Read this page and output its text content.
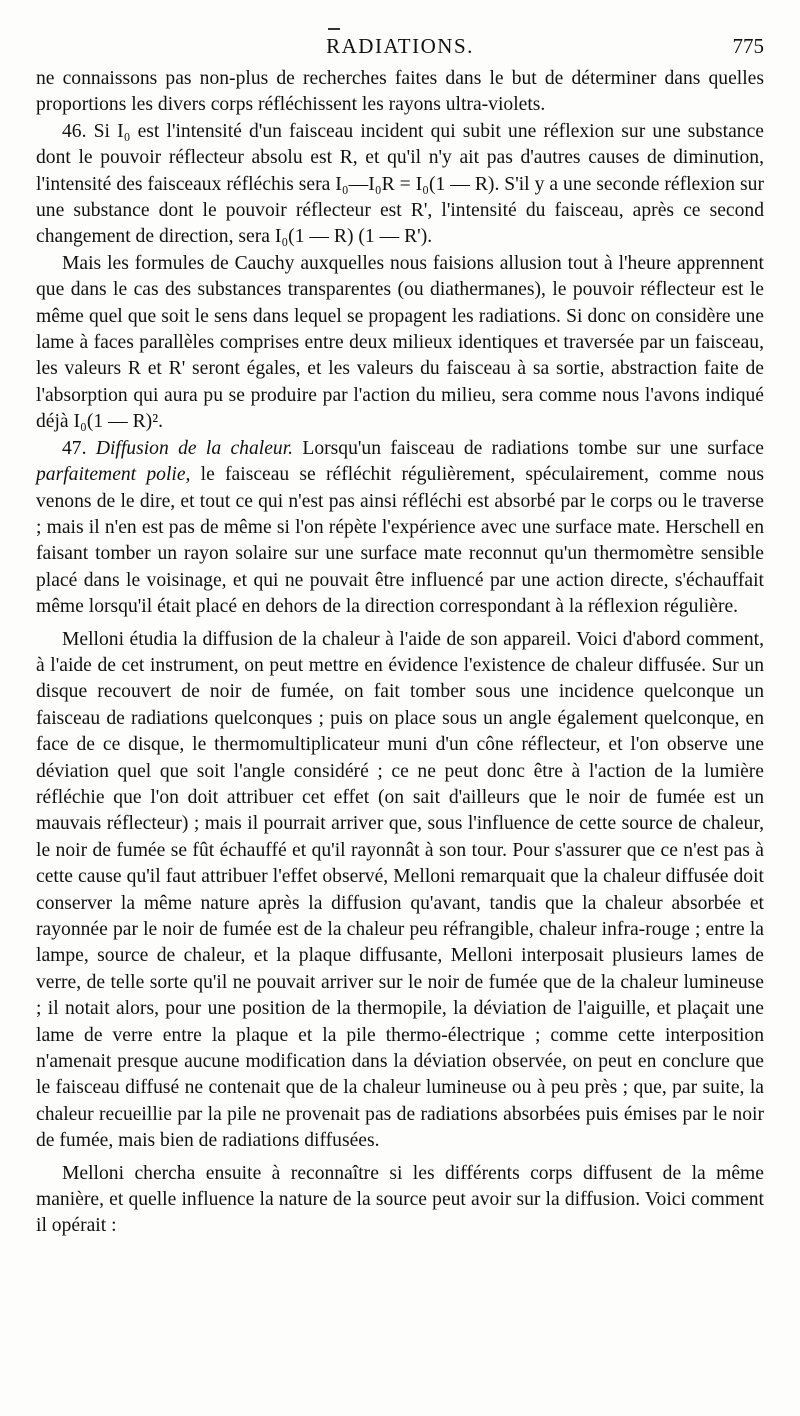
RADIATIONS.	775

ne connaissons pas non-plus de recherches faites dans le but de déterminer dans quelles proportions les divers corps réfléchissent les rayons ultra-violets.

46. Si I₀ est l'intensité d'un faisceau incident qui subit une réflexion sur une substance dont le pouvoir réflecteur absolu est R, et qu'il n'y ait pas d'autres causes de diminution, l'intensité des faisceaux réfléchis sera I₀—I₀R = I₀(1 — R). S'il y a une seconde réflexion sur une substance dont le pouvoir réflecteur est R', l'intensité du faisceau, après ce second changement de direction, sera I₀(1 — R) (1 — R').

Mais les formules de Cauchy auxquelles nous faisions allusion tout à l'heure apprennent que dans le cas des substances transparentes (ou diathermanes), le pouvoir réflecteur est le même quel que soit le sens dans lequel se propagent les radiations. Si donc on considère une lame à faces parallèles comprises entre deux milieux identiques et traversée par un faisceau, les valeurs R et R' seront égales, et les valeurs du faisceau à sa sortie, abstraction faite de l'absorption qui aura pu se produire par l'action du milieu, sera comme nous l'avons indiqué déjà I₀(1 — R)².

47. Diffusion de la chaleur. Lorsqu'un faisceau de radiations tombe sur une surface parfaitement polie, le faisceau se réfléchit régulièrement, spéculairement, comme nous venons de le dire, et tout ce qui n'est pas ainsi réfléchi est absorbé par le corps ou le traverse ; mais il n'en est pas de même si l'on répète l'expérience avec une surface mate. Herschell en faisant tomber un rayon solaire sur une surface mate reconnut qu'un thermomètre sensible placé dans le voisinage, et qui ne pouvait être influencé par une action directe, s'échauffait même lorsqu'il était placé en dehors de la direction correspondant à la réflexion régulière.

Melloni étudia la diffusion de la chaleur à l'aide de son appareil. Voici d'abord comment, à l'aide de cet instrument, on peut mettre en évidence l'existence de chaleur diffusée. Sur un disque recouvert de noir de fumée, on fait tomber sous une incidence quelconque un faisceau de radiations quelconques ; puis on place sous un angle également quelconque, en face de ce disque, le thermomultiplicateur muni d'un cône réflecteur, et l'on observe une déviation quel que soit l'angle considéré ; ce ne peut donc être à l'action de la lumière réfléchie que l'on doit attribuer cet effet (on sait d'ailleurs que le noir de fumée est un mauvais réflecteur) ; mais il pourrait arriver que, sous l'influence de cette source de chaleur, le noir de fumée se fût échauffé et qu'il rayonnât à son tour. Pour s'assurer que ce n'est pas à cette cause qu'il faut attribuer l'effet observé, Melloni remarquait que la chaleur diffusée doit conserver la même nature après la diffusion qu'avant, tandis que la chaleur absorbée et rayonnée par le noir de fumée est de la chaleur peu réfrangible, chaleur infra-rouge ; entre la lampe, source de chaleur, et la plaque diffusante, Melloni interposait plusieurs lames de verre, de telle sorte qu'il ne pouvait arriver sur le noir de fumée que de la chaleur lumineuse ; il notait alors, pour une position de la thermopile, la déviation de l'aiguille, et plaçait une lame de verre entre la plaque et la pile thermo-électrique ; comme cette interposition n'amenait presque aucune modification dans la déviation observée, on peut en conclure que le faisceau diffusé ne contenait que de la chaleur lumineuse ou à peu près ; que, par suite, la chaleur recueillie par la pile ne provenait pas de radiations absorbées puis émises par le noir de fumée, mais bien de radiations diffusées.

Melloni chercha ensuite à reconnaître si les différents corps diffusent de la même manière, et quelle influence la nature de la source peut avoir sur la diffusion. Voici comment il opérait :
